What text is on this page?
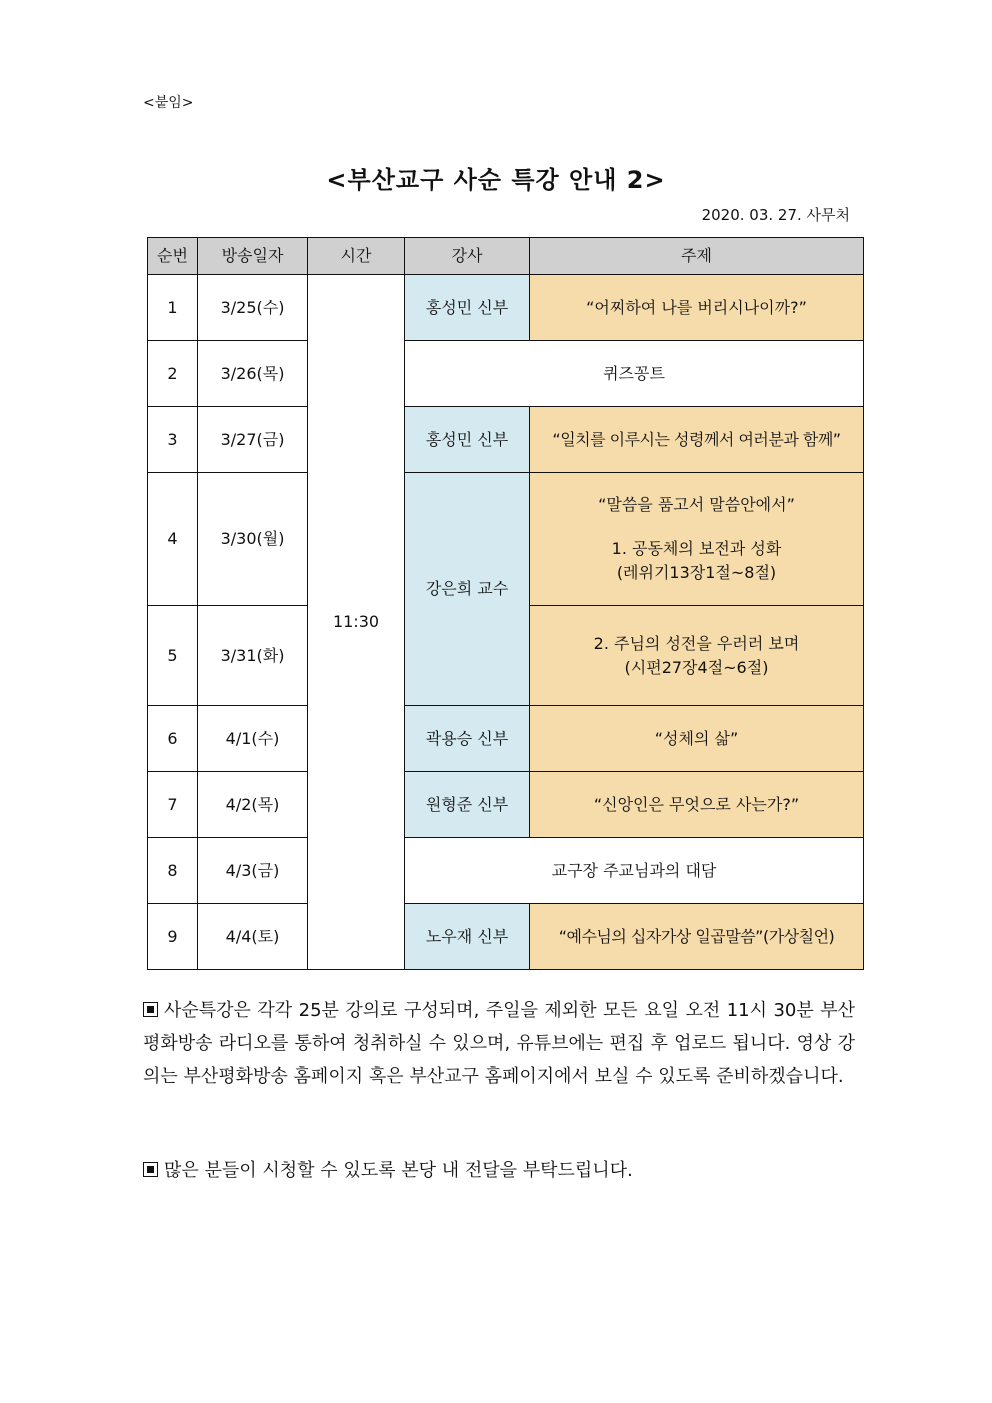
<붙임>
<부산교구 사순 특강 안내 2>
2020. 03. 27. 사무처
순번	방송일자	시간	강사	주제
1	3/25(수)	11:30	홍성민 신부	“어찌하여 나를 버리시나이까?”
2	3/26(목)		퀴즈꽁트	
3	3/27(금)		홍성민 신부	“일치를 이루시는 성령께서 여러분과 함께”
4	3/30(월)		강은희 교수	“말씀을 품고서 말씀안에서”
1. 공동체의 보전과 성화
(레위기13장1절~8절)

5	3/31(화)			2. 주님의 성전을 우러러 보며
(시편27장4절~6절)

6	4/1(수)		곽용승 신부	“성체의 삶”
7	4/2(목)		원형준 신부	“신앙인은 무엇으로 사는가?”
8	4/3(금)		교구장 주교님과의 대담	
9	4/4(토)		노우재 신부	“예수님의 십자가상 일곱말씀”(가상칠언)
사순특강은 각각 25분 강의로 구성되며, 주일을 제외한 모든 요일 오전 11시 30분 부산 평화방송 라디오를 통하여 청취하실 수 있으며, 유튜브에는 편집 후 업로드 됩니다. 영상 강의는 부산평화방송 홈페이지 혹은 부산교구 홈페이지에서 보실 수 있도록 준비하겠습니다.
많은 분들이 시청할 수 있도록 본당 내 전달을 부탁드립니다.
